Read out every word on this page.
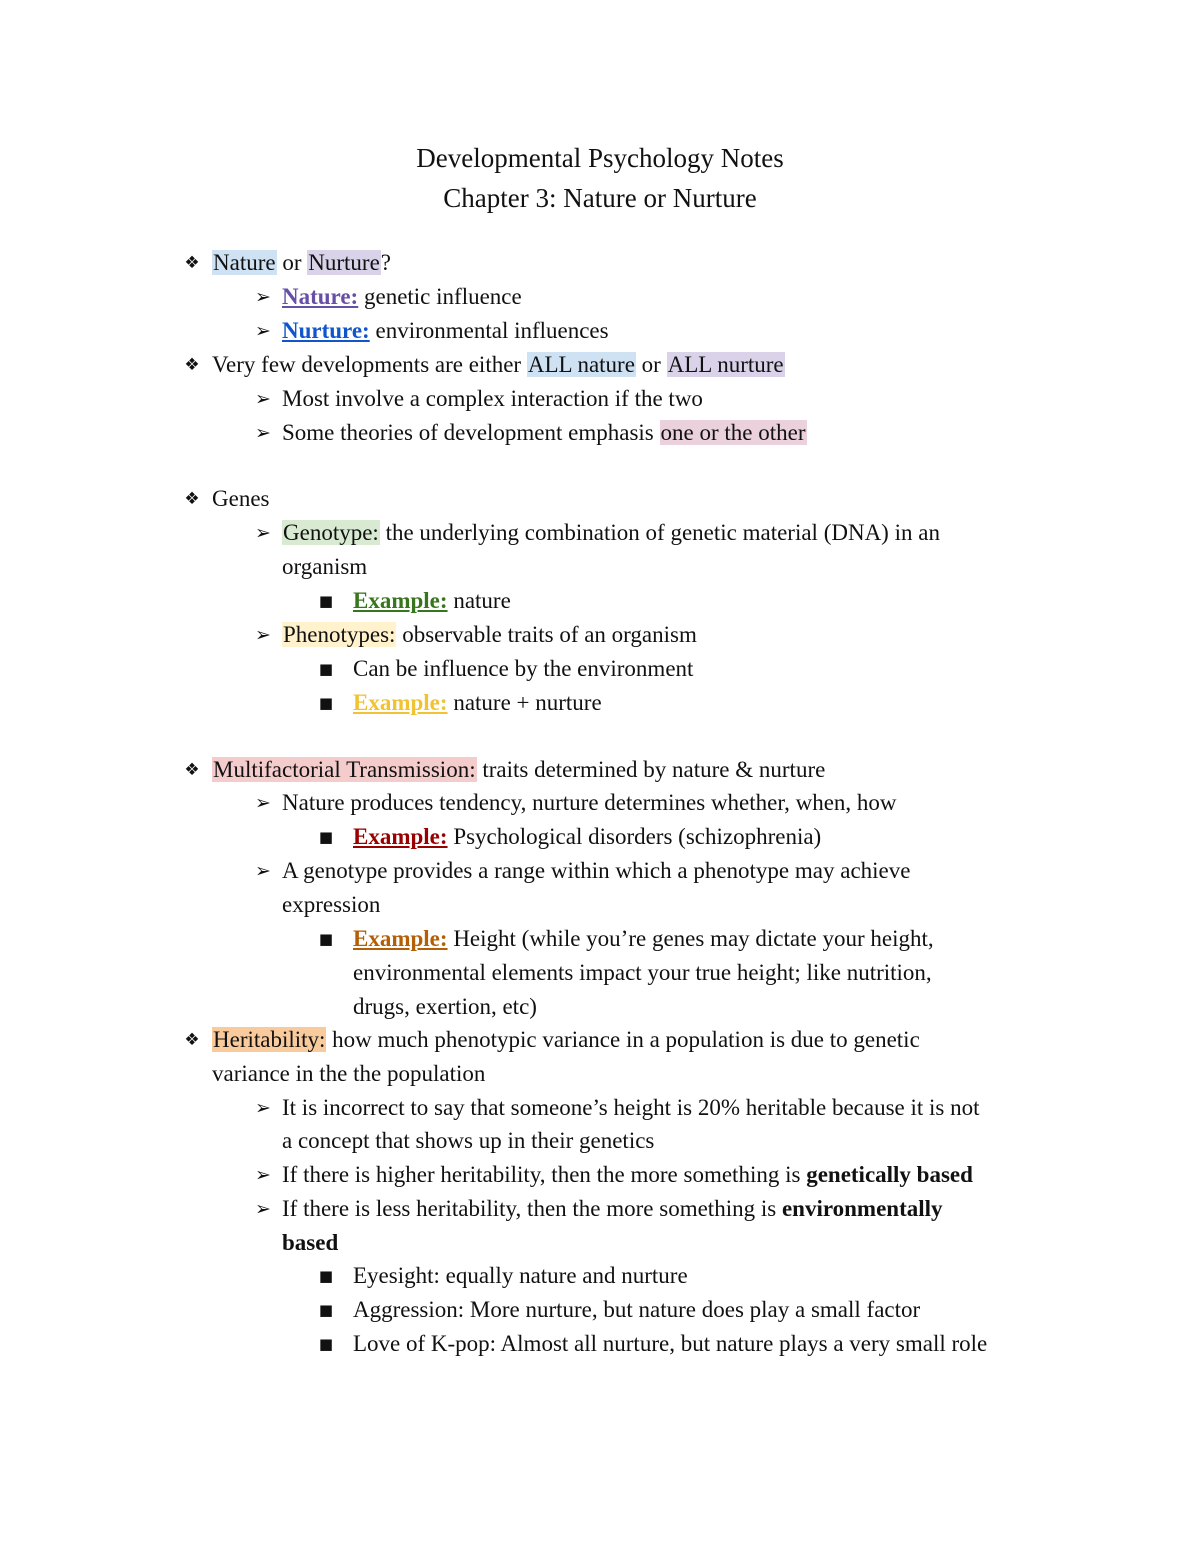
Developmental Psychology Notes
Chapter 3: Nature or Nurture
❖ Nature or Nurture?
➢ Nature: genetic influence
➢ Nurture: environmental influences
❖ Very few developments are either ALL nature or ALL nurture
➢ Most involve a complex interaction if the two
➢ Some theories of development emphasis one or the other
❖ Genes
➢ Genotype: the underlying combination of genetic material (DNA) in an
organism
■ Example: nature
➢ Phenotypes: observable traits of an organism
■ Can be influence by the environment
■ Example: nature + nurture
❖ Multifactorial Transmission: traits determined by nature & nurture
➢ Nature produces tendency, nurture determines whether, when, how
■ Example: Psychological disorders (schizophrenia)
➢ A genotype provides a range within which a phenotype may achieve
expression
■ Example: Height (while you’re genes may dictate your height,
environmental elements impact your true height; like nutrition,
drugs, exertion, etc)
❖ Heritability: how much phenotypic variance in a population is due to genetic
variance in the the population
➢ It is incorrect to say that someone’s height is 20% heritable because it is not
a concept that shows up in their genetics
➢ If there is higher heritability, then the more something is genetically based
➢ If there is less heritability, then the more something is environmentally
based
■ Eyesight: equally nature and nurture
■ Aggression: More nurture, but nature does play a small factor
■ Love of K-pop: Almost all nurture, but nature plays a very small role
